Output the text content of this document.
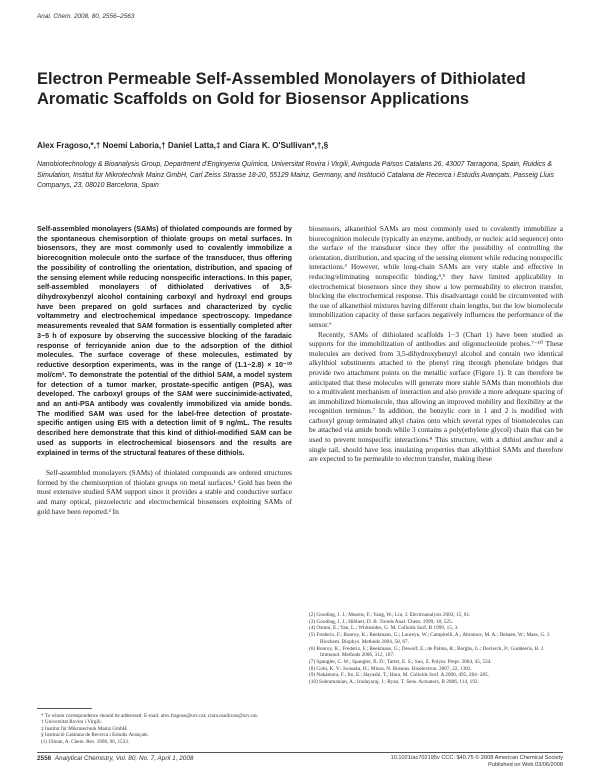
Anal. Chem. 2008, 80, 2556–2563
Electron Permeable Self-Assembled Monolayers of Dithiolated Aromatic Scaffolds on Gold for Biosensor Applications
Alex Fragoso,*,† Noemí Laboria,† Daniel Latta,‡ and Ciara K. O'Sullivan*,†,§
Nanobiotechnology & Bioanalysis Group, Department d'Enginyeria Química, Universitat Rovira i Virgili, Avinguda Països Catalans 26, 43007 Tarragona, Spain, Ruidics & Simulation, Institut für Mikrotechnik Mainz GmbH, Carl Zeiss Strasse 18-20, 55129 Mainz, Germany, and Institució Catalana de Recerca i Estudis Avançats, Passeig Lluis Companys, 23, 08010 Barcelona, Spain

Self-assembled monolayers (SAMs) of thiolated compounds are formed by the spontaneous chemisorption of thiolate groups on metal surfaces. In biosensors, they are most commonly used to covalently immobilize a biorecognition molecule onto the surface of the transducer, thus offering the possibility of controlling the orientation, distribution, and spacing of the sensing element while reducing nonspecific interactions. In this paper, self-assembled monolayers of dithiolated derivatives of 3,5-dihydroxybenzyl alcohol containing carboxyl and hydroxyl end groups have been prepared on gold surfaces and characterized by cyclic voltammetry and electrochemical impedance spectroscopy. Impedance measurements revealed that SAM formation is essentially completed after 3−5 h of exposure by observing the successive blocking of the faradaic response of ferricyanide anion due to the adsorption of the dithiol molecules. The surface coverage of these molecules, estimated by reductive desorption experiments, was in the range of (1.1−2.8) × 10⁻¹⁰ mol/cm². To demonstrate the potential of the dithiol SAM, a model system for detection of a tumor marker, prostate-specific antigen (PSA), was developed. The carboxyl groups of the SAM were succinimide-activated, and an anti-PSA antibody was covalently immobilized via amide bonds. The modified SAM was used for the label-free detection of prostate-specific antigen using EIS with a detection limit of 9 ng/mL. The results described here demonstrate that this kind of dithiol-modified SAM can be used as supports in electrochemical biosensors and the results are explained in terms of the structural features of these dithiols.

Self-assembled monolayers (SAMs) of thiolated compounds are ordered structures formed by the chemisorption of thiolate groups on metal surfaces.¹ Gold has been the most extensive studied SAM support since it provides a stable and conductive surface and many optical, piezoelectric and electrochemical biosensors exploiting SAMs of gold have been reported.² In

biosensors, alkanethiol SAMs are most commonly used to covalently immobilize a biorecognition molecule (typically an enzyme, antibody, or nucleic acid sequence) onto the surface of the transducer since they offer the possibility of controlling the orientation, distribution, and spacing of the sensing element while reducing nonspecific interactions.³ However, while long-chain SAMs are very stable and effective in reducing/eliminating nonspecific binding,⁴,⁵ they have limited applicability in electrochemical biosensors since they show a low permeability to electron transfer, blocking the electrochemical response. This disadvantage could be circumvented with the use of alkanethiol mixtures having different chain lengths, but the low biomolecule immobilization capacity of these surfaces negatively influences the performance of the sensor.⁶

Recently, SAMs of dithiolated scaffolds 1−3 (Chart 1) have been studied as supports for the immobilization of antibodies and oligonucleotide probes.⁷⁻¹⁰ These molecules are derived from 3,5-dihydroxybenzyl alcohol and contain two identical alkylthiol substituents attached to the phenyl ring through phenolate bridges that provide two attachment points on the metallic surface (Figure 1). It can therefore be anticipated that these molecules will generate more stable SAMs than monothiols due to a multivalent mechanism of interaction and also provide a more adequate spacing of an immobilized biomolecule, thus allowing an improved mobility and flexibility at the recognition terminus.⁷ In addition, the benzylic core in 1 and 2 is modified with carboxyl group terminated alkyl chains onto which several types of biomolecules can be attached via amide bonds while 3 contains a poly(ethylene glycol) chain that can be used to prevent nonspecific interactions.⁸ This structure, with a dithiol anchor and a single tail, should have less insulating properties than alkylthiol SAMs and therefore are expected to be permeable to electron transfer, making these

* To whom correspondence should be addressed. E-mail: alex.fragoso@urv.cat; ciara.osullivan@urv.cat.
† Universitat Rovira i Virgili.
‡ Institut für Mikrotechnik Mainz GmbH.
§ Institució Catalana de Recerca i Estudis Avançats.
(1) Ulman, A. Chem. Rev. 1996, 96, 1533.
(2) Gooding, J. J.; Mearns, F.; Yang, W.; Liu, J. Electroanalysis 2003, 15, 81.
(3) Gooding, J. J.; Hibbert, D. B. Trends Anal. Chem. 1999, 18, 525.
(4) Ostuni, E.; Yan, L.; Whitesides, G. M. Colloids Surf. B 1999, 15, 3.
(5) Frederix, F.; Bonroy, K.; Reekmans, G.; Laureyn, W.; Campitelli, A.; Abramov, M. A.; Dehaen, W.; Maes, G. J. Biochem. Biophys. Methods 2004, 58, 67.
(6) Bonroy, K.; Frederix, F.; Reekmans, G.; Dewolf, E.; de Palma, R.; Borghs, G.; Declerck, P.; Goddeeris, B. J. Immunol. Methods 2006, 312, 167.
(7) Spangler, C. W.; Spangler, B. D.; Tarter, E. S.; Suo, Z. Polym. Prepr. 2004, 45, 524.
(8) Gobi, K. V.; Iwasaka, H.; Miura, N. Biosens. Bioelectron. 2007, 22, 1382.
(9) Nakamura, F.; Ito, E.; Hayashi, T.; Hara, M. Colloids Surf. A 2006, 495, 284−285.
(10) Subramanian, A.; Irudayaraj, J.; Ryan, T. Sens. Actuators, B 2006, 114, 192.
2556 Analytical Chemistry, Vol. 80, No. 7, April 1, 2008	10.1021/ac702195v CCC: $40.75 © 2008 American Chemical Society
Published on Web 03/06/2008
